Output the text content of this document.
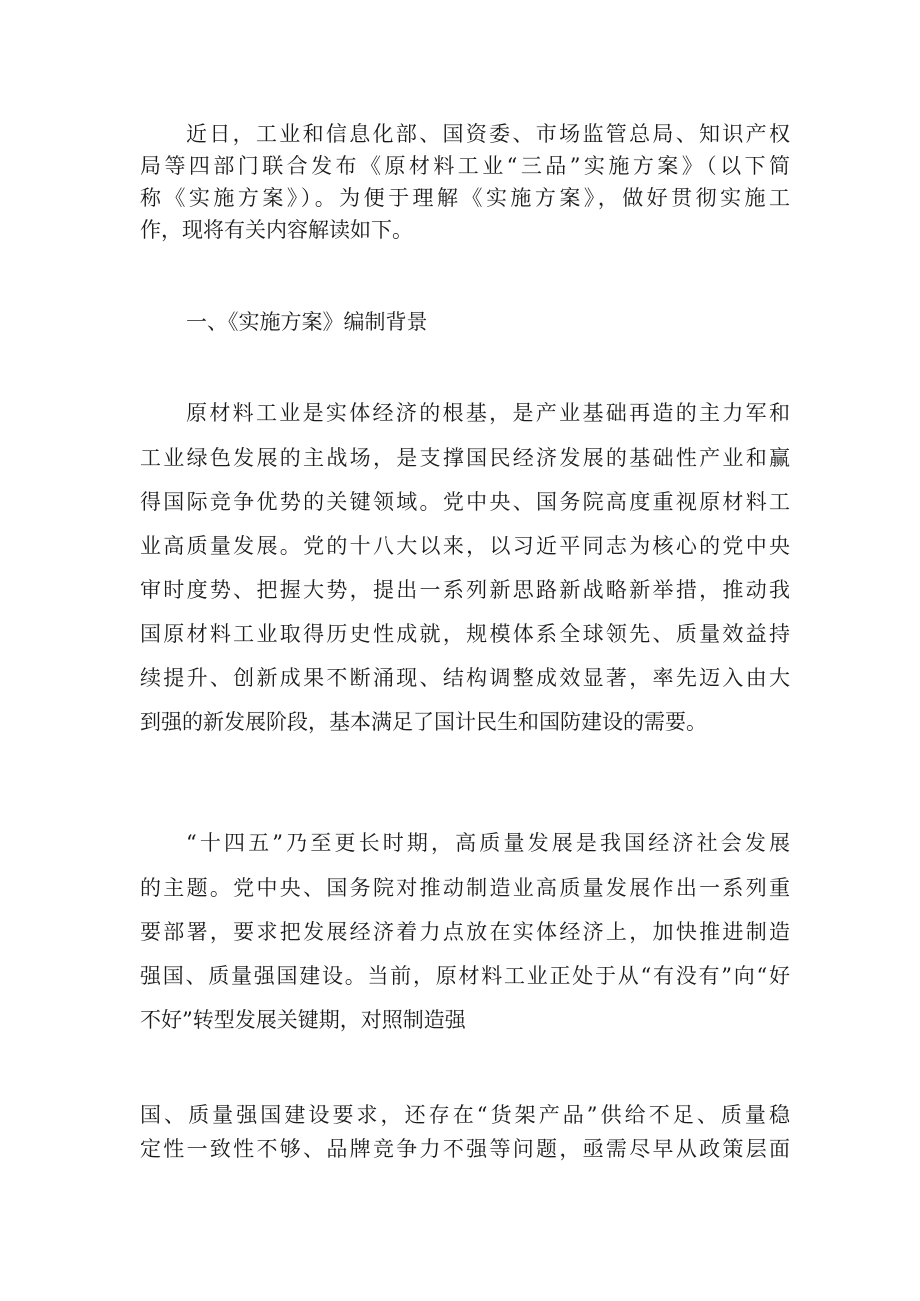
近日，工业和信息化部、国资委、市场监管总局、知识产权
局等四部门联合发布《原材料工业“三品”实施方案》（以下简
称《实施方案》）。为便于理解《实施方案》，做好贯彻实施工
作，现将有关内容解读如下。
一、《实施方案》编制背景
原材料工业是实体经济的根基，是产业基础再造的主力军和
工业绿色发展的主战场，是支撑国民经济发展的基础性产业和赢
得国际竞争优势的关键领域。党中央、国务院高度重视原材料工
业高质量发展。党的十八大以来，以习近平同志为核心的党中央
审时度势、把握大势，提出一系列新思路新战略新举措，推动我
国原材料工业取得历史性成就，规模体系全球领先、质量效益持
续提升、创新成果不断涌现、结构调整成效显著，率先迈入由大
到强的新发展阶段，基本满足了国计民生和国防建设的需要。
“十四五”乃至更长时期，高质量发展是我国经济社会发展
的主题。党中央、国务院对推动制造业高质量发展作出一系列重
要部署，要求把发展经济着力点放在实体经济上，加快推进制造
强国、质量强国建设。当前，原材料工业正处于从“有没有”向“好
不好”转型发展关键期，对照制造强
国、质量强国建设要求，还存在“货架产品”供给不足、质量稳
定性一致性不够、品牌竞争力不强等问题，亟需尽早从政策层面
